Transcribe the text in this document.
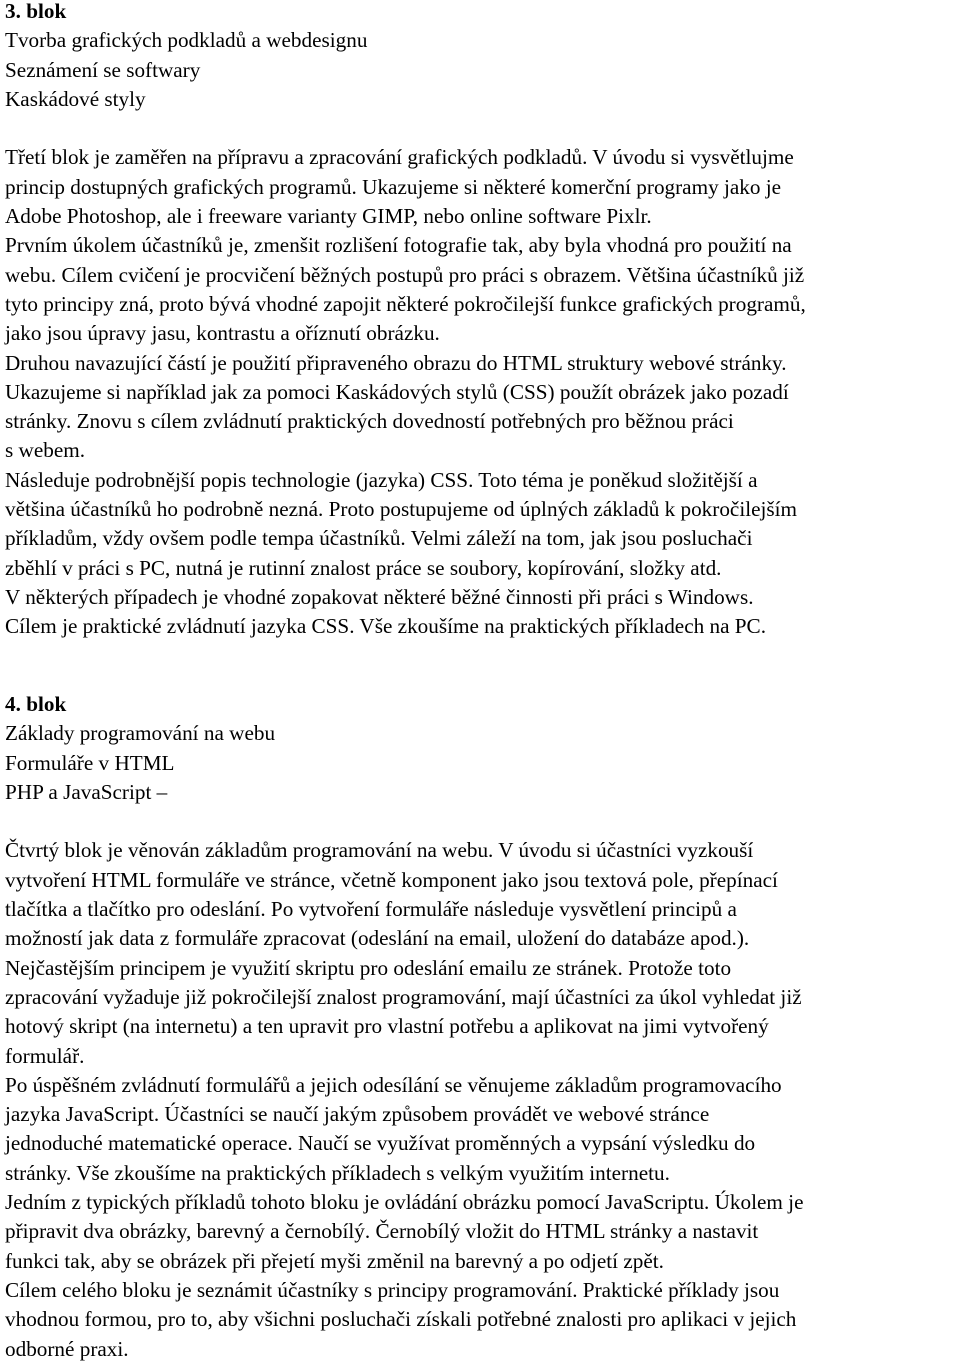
3. blok
Tvorba grafických podkladů a webdesignu
Seznámení se softwary
Kaskádové styly
Třetí blok je zaměřen na přípravu a zpracování grafických podkladů. V úvodu si vysvětlujme
princip dostupných grafických programů. Ukazujeme si některé komerční programy jako je
Adobe Photoshop, ale i freeware varianty GIMP, nebo online software Pixlr.
Prvním úkolem účastníků je, zmenšit rozlišení fotografie tak, aby byla vhodná pro použití na
webu. Cílem cvičení je procvičení běžných postupů pro práci s obrazem. Většina účastníků již
tyto principy zná, proto bývá vhodné zapojit některé pokročilejší funkce grafických programů,
jako jsou úpravy jasu, kontrastu a oříznutí obrázku.
Druhou navazující částí je použití připraveného obrazu do HTML struktury webové stránky.
Ukazujeme si například jak za pomoci Kaskádových stylů (CSS) použít obrázek jako pozadí
stránky. Znovu s cílem zvládnutí praktických dovedností potřebných pro běžnou práci
s webem.
Následuje podrobnější popis technologie (jazyka) CSS. Toto téma je poněkud složitější a
většina účastníků ho podrobně nezná. Proto postupujeme od úplných základů k pokročilejším
příkladům, vždy ovšem podle tempa účastníků. Velmi záleží na tom, jak jsou posluchači
zběhlí v práci s PC, nutná je rutinní znalost práce se soubory, kopírování, složky atd.
V některých případech je vhodné zopakovat některé běžné činnosti při práci s Windows.
Cílem je praktické zvládnutí jazyka CSS. Vše zkoušíme na praktických příkladech na PC.
4. blok
Základy programování na webu
Formuláře v HTML
PHP a JavaScript –
Čtvrtý blok je věnován základům programování na webu. V úvodu si účastníci vyzkouší
vytvoření HTML formuláře ve stránce, včetně komponent jako jsou textová pole, přepínací
tlačítka a tlačítko pro odeslání. Po vytvoření formuláře následuje vysvětlení principů a
možností jak data z formuláře zpracovat (odeslání na email, uložení do databáze apod.).
Nejčastějším principem je využití skriptu pro odeslání emailu ze stránek. Protože toto
zpracování vyžaduje již pokročilejší znalost programování, mají účastníci za úkol vyhledat již
hotový skript (na internetu) a ten upravit pro vlastní potřebu a aplikovat na jimi vytvořený
formulář.
Po úspěšném zvládnutí formulářů a jejich odesílání se věnujeme základům programovacího
jazyka JavaScript. Účastníci se naučí jakým způsobem provádět ve webové stránce
jednoduché matematické operace. Naučí se využívat proměnných a vypsání výsledku do
stránky. Vše zkoušíme na praktických příkladech s velkým využitím internetu.
Jedním z typických příkladů tohoto bloku je ovládání obrázku pomocí JavaScriptu. Úkolem je
připravit dva obrázky, barevný a černobílý. Černobílý vložit do HTML stránky a nastavit
funkci tak, aby se obrázek při přejetí myši změnil na barevný a po odjetí zpět.
Cílem celého bloku je seznámit účastníky s principy programování. Praktické příklady jsou
vhodnou formou, pro to, aby všichni posluchači získali potřebné znalosti pro aplikaci v jejich
odborné praxi.
